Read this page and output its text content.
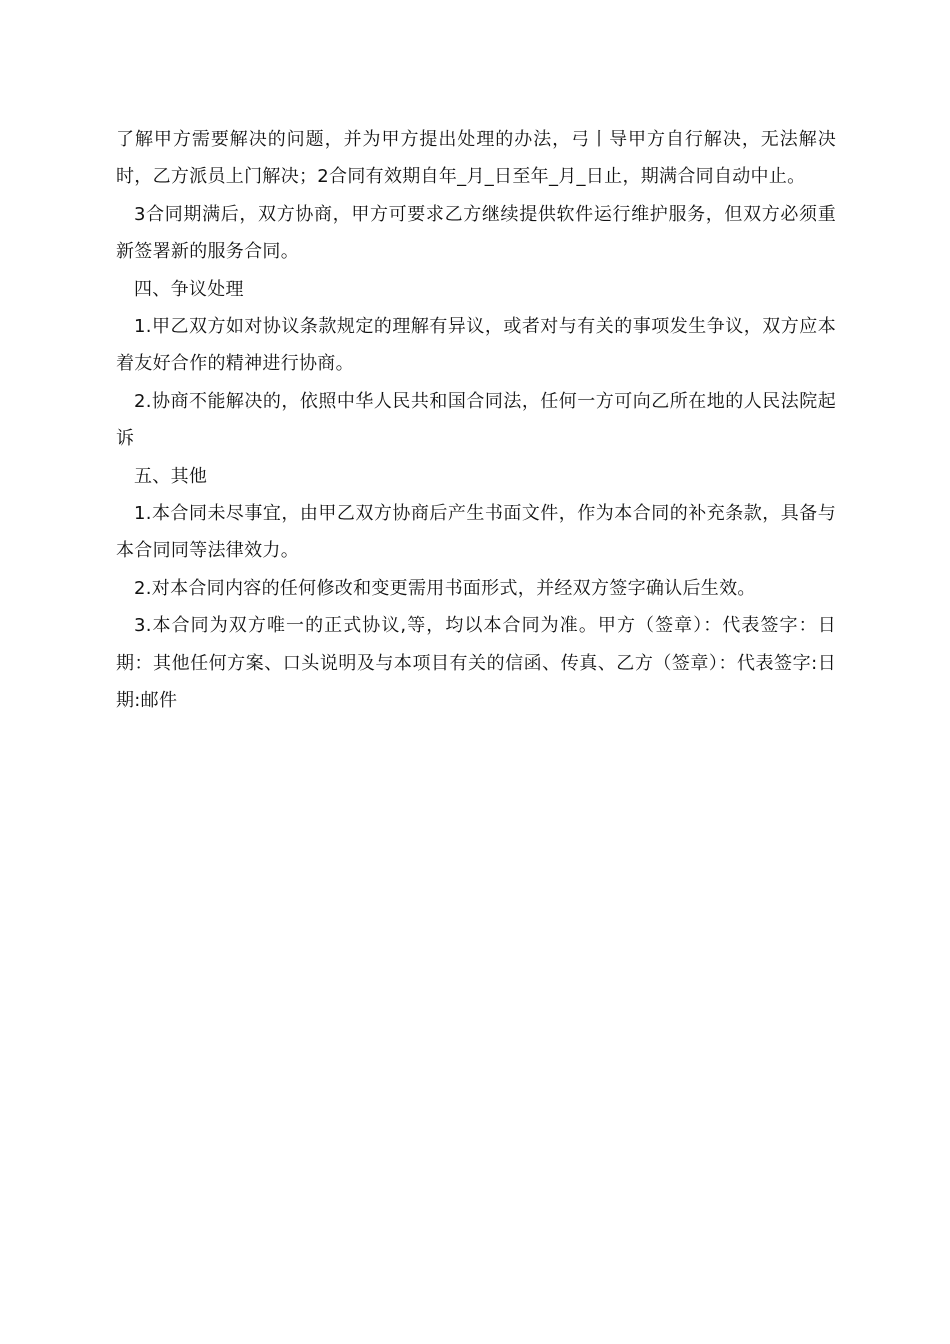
了解甲方需要解决的问题，并为甲方提出处理的办法，弓丨导甲方自行解决，无法解决时，乙方派员上门解决；2合同有效期自年_月_日至年_月_日止，期满合同自动中止。

3合同期满后，双方协商，甲方可要求乙方继续提供软件运行维护服务，但双方必须重新签署新的服务合同。

四、争议处理

1.甲乙双方如对协议条款规定的理解有异议，或者对与有关的事项发生争议，双方应本着友好合作的精神进行协商。

2.协商不能解决的，依照中华人民共和国合同法，任何一方可向乙所在地的人民法院起诉

五、其他

1.本合同未尽事宜，由甲乙双方协商后产生书面文件，作为本合同的补充条款，具备与本合同同等法律效力。

2.对本合同内容的任何修改和变更需用书面形式，并经双方签字确认后生效。

3.本合同为双方唯一的正式协议,等，均以本合同为准。甲方（签章）：代表签字：日期：其他任何方案、口头说明及与本项目有关的信函、传真、乙方（签章）：代表签字:日期:邮件
